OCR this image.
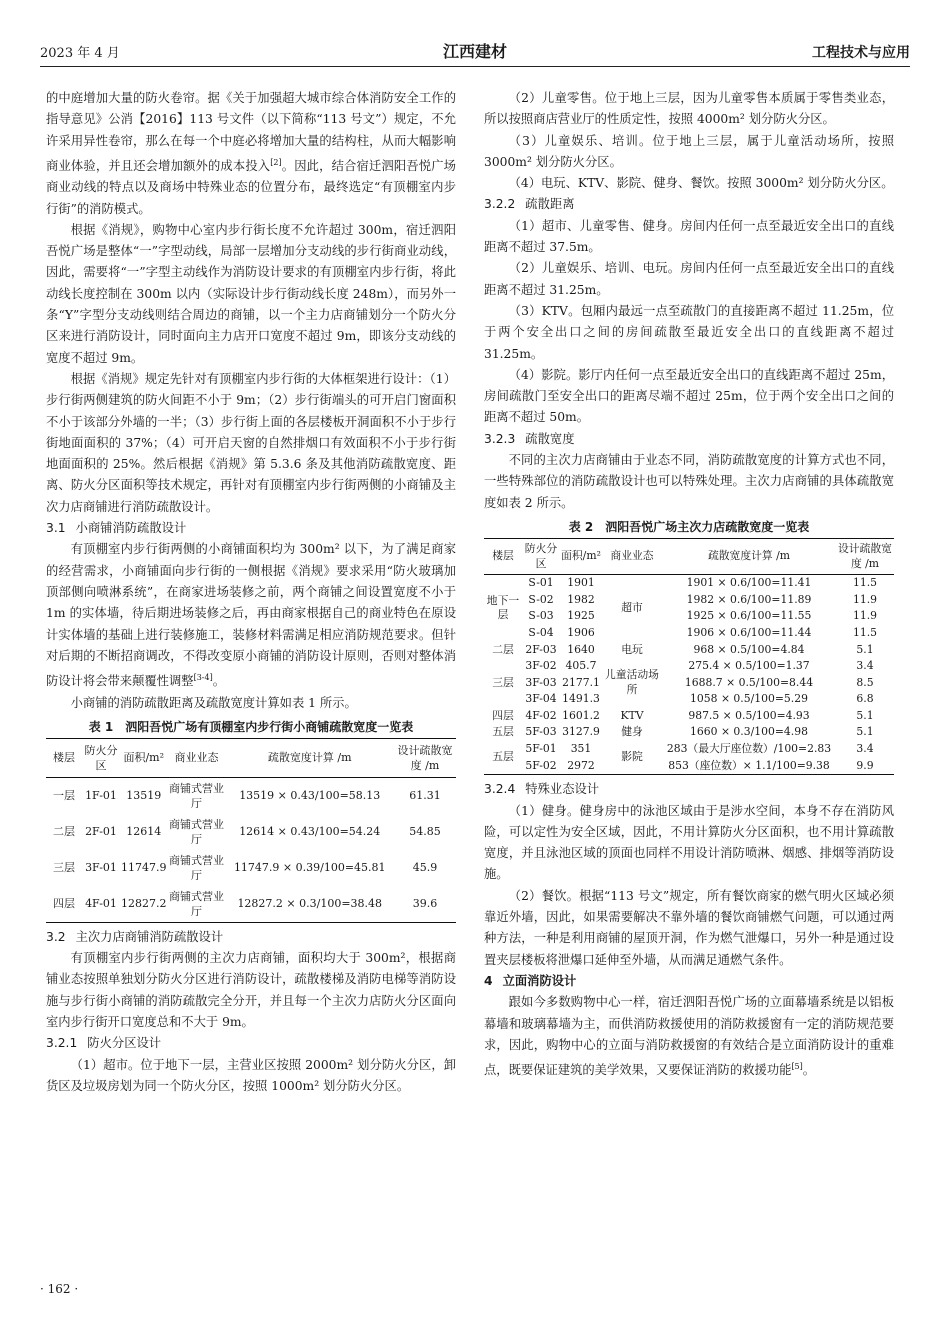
2023 年 4 月	江西建材	工程技术与应用

的中庭增加大量的防火卷帘。据《关于加强超大城市综合体消防安全工作的指导意见》公消【2016】113 号文件（以下简称“113 号文”）规定，不允许采用异性卷帘，那么在每一个中庭必将增加大量的结构柱，从而大幅影响商业体验，并且还会增加额外的成本投入[2]。因此，结合宿迁泗阳吾悦广场商业动线的特点以及商场中特殊业态的位置分布，最终选定“有顶棚室内步行街”的消防模式。

根据《消规》，购物中心室内步行街长度不允许超过 300m，宿迁泗阳吾悦广场是整体“一”字型动线，局部一层增加分支动线的步行街商业动线，因此，需要将“一”字型主动线作为消防设计要求的有顶棚室内步行街，将此动线长度控制在 300m 以内（实际设计步行街动线长度 248m），而另外一条“Y”字型分支动线则结合周边的商铺，以一个主力店商铺划分一个防火分区来进行消防设计，同时面向主力店开口宽度不超过 9m，即该分支动线的宽度不超过 9m。

根据《消规》规定先针对有顶棚室内步行街的大体框架进行设计：（1）步行街两侧建筑的防火间距不小于 9m；（2）步行街端头的可开启门窗面积不小于该部分外墙的一半；（3）步行街上面的各层楼板开洞面积不小于步行街地面面积的 37%；（4）可开启天窗的自然排烟口有效面积不小于步行街地面面积的 25%。然后根据《消规》第 5.3.6 条及其他消防疏散宽度、距离、防火分区面积等技术规定，再针对有顶棚室内步行街两侧的小商铺及主次力店商铺进行消防疏散设计。

3.1 小商铺消防疏散设计

有顶棚室内步行街两侧的小商铺面积均为 300m² 以下，为了满足商家的经营需求，小商铺面向步行街的一侧根据《消规》要求采用“防火玻璃加顶部侧向喷淋系统”，在商家进场装修之前，两个商铺之间设置宽度不小于 1m 的实体墙，待后期进场装修之后，再由商家根据自己的商业特色在原设计实体墙的基础上进行装修施工，装修材料需满足相应消防规范要求。但针对后期的不断招商调改，不得改变原小商铺的消防设计原则，否则对整体消防设计将会带来颠覆性调整[3-4]。

小商铺的消防疏散距离及疏散宽度计算如表 1 所示。

表 1　泗阳吾悦广场有顶棚室内步行街小商铺疏散宽度一览表
楼层	防火分区	面积/m²	商业业态	疏散宽度计算 /m	设计疏散宽度 /m
一层	1F-01	13519	商铺式营业厅	13519 × 0.43/100=58.13	61.31
二层	2F-01	12614	商铺式营业厅	12614 × 0.43/100=54.24	54.85
三层	3F-01	11747.9	商铺式营业厅	11747.9 × 0.39/100=45.81	45.9
四层	4F-01	12827.2	商铺式营业厅	12827.2 × 0.3/100=38.48	39.6
3.2 主次力店商铺消防疏散设计

有顶棚室内步行街两侧的主次力店商铺，面积均大于 300m²，根据商铺业态按照单独划分防火分区进行消防设计，疏散楼梯及消防电梯等消防设施与步行街小商铺的消防疏散完全分开，并且每一个主次力店防火分区面向室内步行街开口宽度总和不大于 9m。

3.2.1 防火分区设计

（1）超市。位于地下一层，主营业区按照 2000m² 划分防火分区，卸货区及垃圾房划为同一个防火分区，按照 1000m² 划分防火分区。

（2）儿童零售。位于地上三层，因为儿童零售本质属于零售类业态，所以按照商店营业厅的性质定性，按照 4000m² 划分防火分区。

（3）儿童娱乐、培训。位于地上三层，属于儿童活动场所，按照 3000m² 划分防火分区。

（4）电玩、KTV、影院、健身、餐饮。按照 3000m² 划分防火分区。

3.2.2 疏散距离

（1）超市、儿童零售、健身。房间内任何一点至最近安全出口的直线距离不超过 37.5m。

（2）儿童娱乐、培训、电玩。房间内任何一点至最近安全出口的直线距离不超过 31.25m。

（3）KTV。包厢内最远一点至疏散门的直接距离不超过 11.25m，位于两个安全出口之间的房间疏散至最近安全出口的直线距离不超过 31.25m。

（4）影院。影厅内任何一点至最近安全出口的直线距离不超过 25m，房间疏散门至安全出口的距离尽端不超过 25m，位于两个安全出口之间的距离不超过 50m。

3.2.3 疏散宽度

不同的主次力店商铺由于业态不同，消防疏散宽度的计算方式也不同，一些特殊部位的消防疏散设计也可以特殊处理。主次力店商铺的具体疏散宽度如表 2 所示。

表 2　泗阳吾悦广场主次力店疏散宽度一览表
楼层	防火分区	面积/m²	商业业态	疏散宽度计算 /m	设计疏散宽度 /m
地下一层	S-01	1901	超市	1901 × 0.6/100=11.41	11.5
	S-02	1982		1982 × 0.6/100=11.89	11.9
	S-03	1925		1925 × 0.6/100=11.55	11.9
	S-04	1906		1906 × 0.6/100=11.44	11.5
二层	2F-03	1640	电玩	968 × 0.5/100=4.84	5.1
三层	3F-02	405.7	儿童活动场所	275.4 × 0.5/100=1.37	3.4
	3F-03	2177.1		1688.7 × 0.5/100=8.44	8.5
	3F-04	1491.3		1058 × 0.5/100=5.29	6.8
四层	4F-02	1601.2	KTV	987.5 × 0.5/100=4.93	5.1
五层	5F-03	3127.9	健身	1660 × 0.3/100=4.98	5.1
五层	5F-01	351	影院	283（最大厅座位数）/100=2.83	3.4
	5F-02	2972		853（座位数）× 1.1/100=9.38	9.9
3.2.4 特殊业态设计

（1）健身。健身房中的泳池区域由于是涉水空间，本身不存在消防风险，可以定性为安全区域，因此，不用计算防火分区面积，也不用计算疏散宽度，并且泳池区域的顶面也同样不用设计消防喷淋、烟感、排烟等消防设施。

（2）餐饮。根据“113 号文”规定，所有餐饮商家的燃气明火区域必须靠近外墙，因此，如果需要解决不靠外墙的餐饮商铺燃气问题，可以通过两种方法，一种是利用商铺的屋顶开洞，作为燃气泄爆口，另外一种是通过设置夹层楼板将泄爆口延伸至外墙，从而满足通燃气条件。

4 立面消防设计

跟如今多数购物中心一样，宿迁泗阳吾悦广场的立面幕墙系统是以铝板幕墙和玻璃幕墙为主，而供消防救援使用的消防救援窗有一定的消防规范要求，因此，购物中心的立面与消防救援窗的有效结合是立面消防设计的重难点，既要保证建筑的美学效果，又要保证消防的救援功能[5]。

· 162 ·
